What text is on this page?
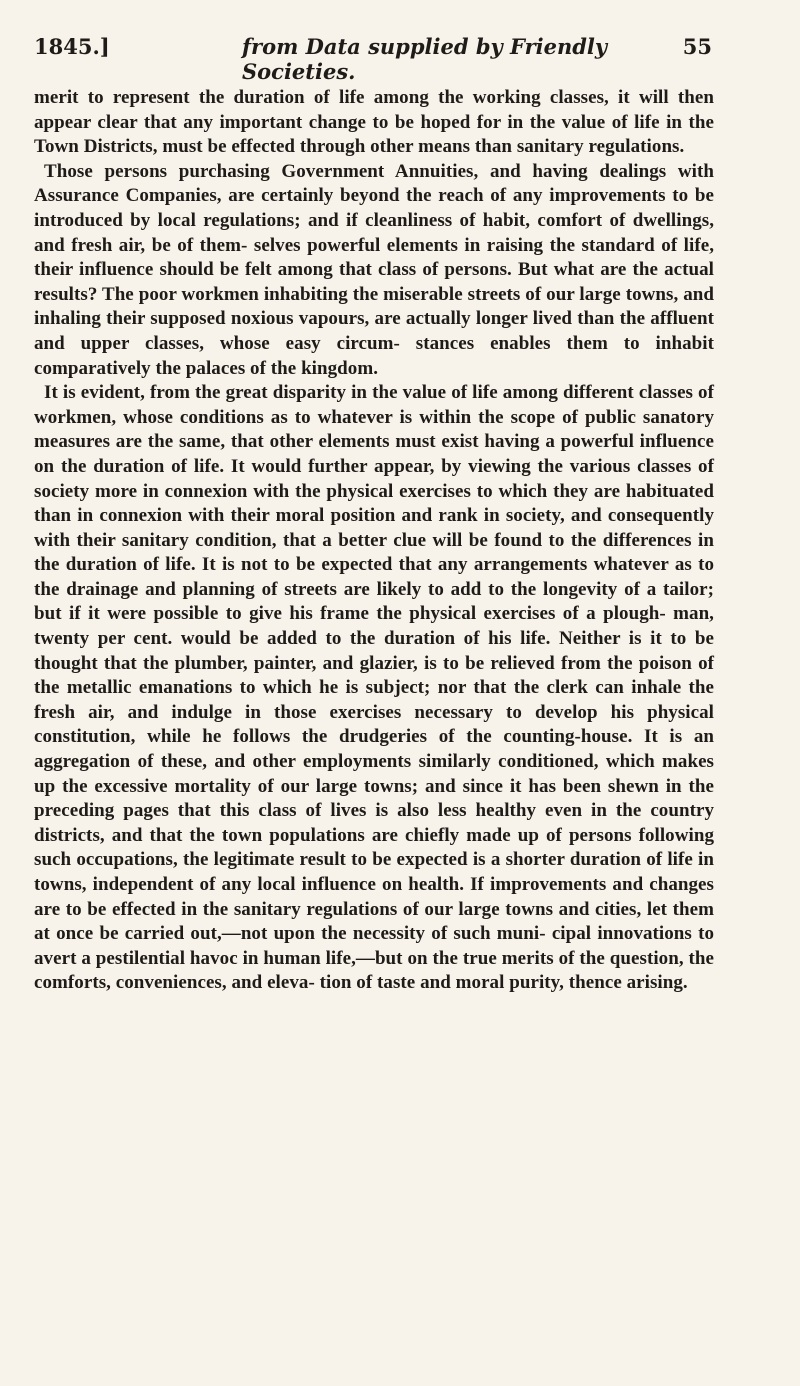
1845.]	from Data supplied by Friendly Societies.
55

merit to represent the duration of life among the working classes, it will then appear clear that any important change to be hoped for in the value of life in the Town Districts, must be effected through other means than sanitary regulations.

Those persons purchasing Government Annuities, and having dealings with Assurance Companies, are certainly beyond the reach of any improvements to be introduced by local regulations; and if cleanliness of habit, comfort of dwellings, and fresh air, be of them- selves powerful elements in raising the standard of life, their influence should be felt among that class of persons. But what are the actual results? The poor workmen inhabiting the miserable streets of our large towns, and inhaling their supposed noxious vapours, are actually longer lived than the affluent and upper classes, whose easy circum- stances enables them to inhabit comparatively the palaces of the kingdom.

It is evident, from the great disparity in the value of life among different classes of workmen, whose conditions as to whatever is within the scope of public sanatory measures are the same, that other elements must exist having a powerful influence on the duration of life. It would further appear, by viewing the various classes of society more in connexion with the physical exercises to which they are habituated than in connexion with their moral position and rank in society, and consequently with their sanitary condition, that a better clue will be found to the differences in the duration of life. It is not to be expected that any arrangements whatever as to the drainage and planning of streets are likely to add to the longevity of a tailor; but if it were possible to give his frame the physical exercises of a plough- man, twenty per cent. would be added to the duration of his life. Neither is it to be thought that the plumber, painter, and glazier, is to be relieved from the poison of the metallic emanations to which he is subject; nor that the clerk can inhale the fresh air, and indulge in those exercises necessary to develop his physical constitution, while he follows the drudgeries of the counting-house. It is an aggregation of these, and other employments similarly conditioned, which makes up the excessive mortality of our large towns; and since it has been shewn in the preceding pages that this class of lives is also less healthy even in the country districts, and that the town populations are chiefly made up of persons following such occupations, the legitimate result to be expected is a shorter duration of life in towns, independent of any local influence on health. If improvements and changes are to be effected in the sanitary regulations of our large towns and cities, let them at once be carried out,—not upon the necessity of such muni- cipal innovations to avert a pestilential havoc in human life,—but on the true merits of the question, the comforts, conveniences, and eleva- tion of taste and moral purity, thence arising.
